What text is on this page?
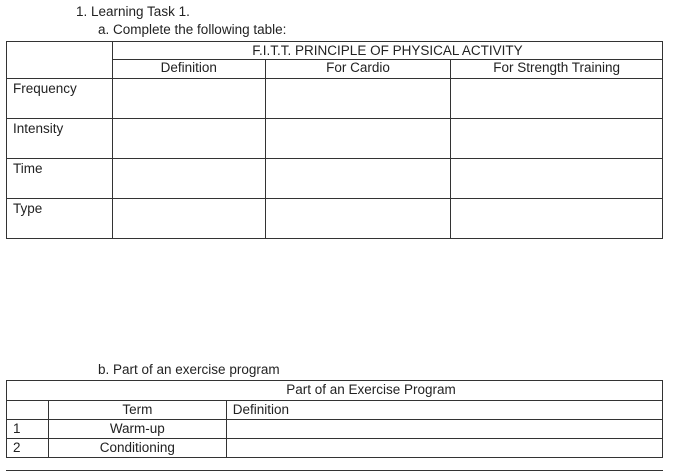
1. Learning Task 1.
a. Complete the following table:
	F.I.T.T. PRINCIPLE OF PHYSICAL ACTIVITY		
	Definition	For Cardio	For Strength Training
Frequency			
Intensity			
Time			
Type			
b. Part of an exercise program
		Part of an Exercise Program
	Term	Definition
1	Warm-up	
2	Conditioning	
